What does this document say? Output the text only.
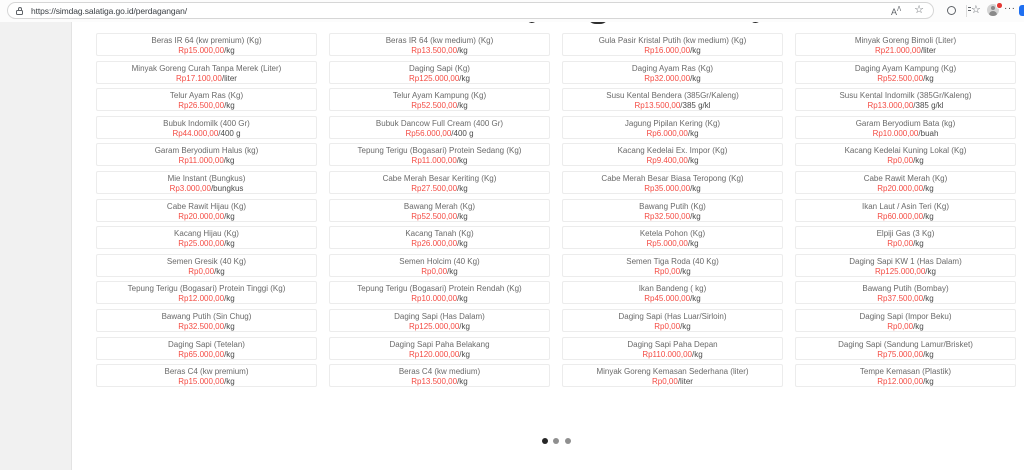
https://simdag.salatiga.go.id/perdagangan/	$A^ᐱ$ ☆	☆ ···
Beras IR 64 (kw premium) (Kg)
Rp15.000,00/kg
Beras IR 64 (kw medium) (Kg)
Rp13.500,00/kg
Gula Pasir Kristal Putih (kw medium) (Kg)
Rp16.000,00/kg
Minyak Goreng Bimoli (Liter)
Rp21.000,00/liter
Minyak Goreng Curah Tanpa Merek (Liter)
Rp17.100,00/liter
Daging Sapi (Kg)
Rp125.000,00/kg
Daging Ayam Ras (Kg)
Rp32.000,00/kg
Daging Ayam Kampung (Kg)
Rp52.500,00/kg
Telur Ayam Ras (Kg)
Rp26.500,00/kg
Telur Ayam Kampung (Kg)
Rp52.500,00/kg
Susu Kental Bendera (385Gr/Kaleng)
Rp13.500,00/385 g/kl
Susu Kental Indomilk (385Gr/Kaleng)
Rp13.000,00/385 g/kl
Bubuk Indomilk (400 Gr)
Rp44.000,00/400 g
Bubuk Dancow Full Cream (400 Gr)
Rp56.000,00/400 g
Jagung Pipilan Kering (Kg)
Rp6.000,00/kg
Garam Beryodium Bata (kg)
Rp10.000,00/buah
Garam Beryodium Halus (kg)
Rp11.000,00/kg
Tepung Terigu (Bogasari) Protein Sedang (Kg)
Rp11.000,00/kg
Kacang Kedelai Ex. Impor (Kg)
Rp9.400,00/kg
Kacang Kedelai Kuning Lokal (Kg)
Rp0,00/kg
Mie Instant (Bungkus)
Rp3.000,00/bungkus
Cabe Merah Besar Keriting (Kg)
Rp27.500,00/kg
Cabe Merah Besar Biasa Teropong (Kg)
Rp35.000,00/kg
Cabe Rawit Merah (Kg)
Rp20.000,00/kg
Cabe Rawit Hijau (Kg)
Rp20.000,00/kg
Bawang Merah (Kg)
Rp52.500,00/kg
Bawang Putih (Kg)
Rp32.500,00/kg
Ikan Laut / Asin Teri (Kg)
Rp60.000,00/kg
Kacang Hijau (Kg)
Rp25.000,00/kg
Kacang Tanah (Kg)
Rp26.000,00/kg
Ketela Pohon (Kg)
Rp5.000,00/kg
Elpiji Gas (3 Kg)
Rp0,00/kg
Semen Gresik (40 Kg)
Rp0,00/kg
Semen Holcim (40 Kg)
Rp0,00/kg
Semen Tiga Roda (40 Kg)
Rp0,00/kg
Daging Sapi KW 1 (Has Dalam)
Rp125.000,00/kg
Tepung Terigu (Bogasari) Protein Tinggi (Kg)
Rp12.000,00/kg
Tepung Terigu (Bogasari) Protein Rendah (Kg)
Rp10.000,00/kg
Ikan Bandeng ( kg)
Rp45.000,00/kg
Bawang Putih (Bombay)
Rp37.500,00/kg
Bawang Putih (Sin Chug)
Rp32.500,00/kg
Daging Sapi (Has Dalam)
Rp125.000,00/kg
Daging Sapi (Has Luar/Sirloin)
Rp0,00/kg
Daging Sapi (Impor Beku)
Rp0,00/kg
Daging Sapi (Tetelan)
Rp65.000,00/kg
Daging Sapi Paha Belakang
Rp120.000,00/kg
Daging Sapi Paha Depan
Rp110.000,00/kg
Daging Sapi (Sandung Lamur/Brisket)
Rp75.000,00/kg
Beras C4 (kw premium)
Rp15.000,00/kg
Beras C4 (kw medium)
Rp13.500,00/kg
Minyak Goreng Kemasan Sederhana (liter)
Rp0,00/liter
Tempe Kemasan (Plastik)
Rp12.000,00/kg
